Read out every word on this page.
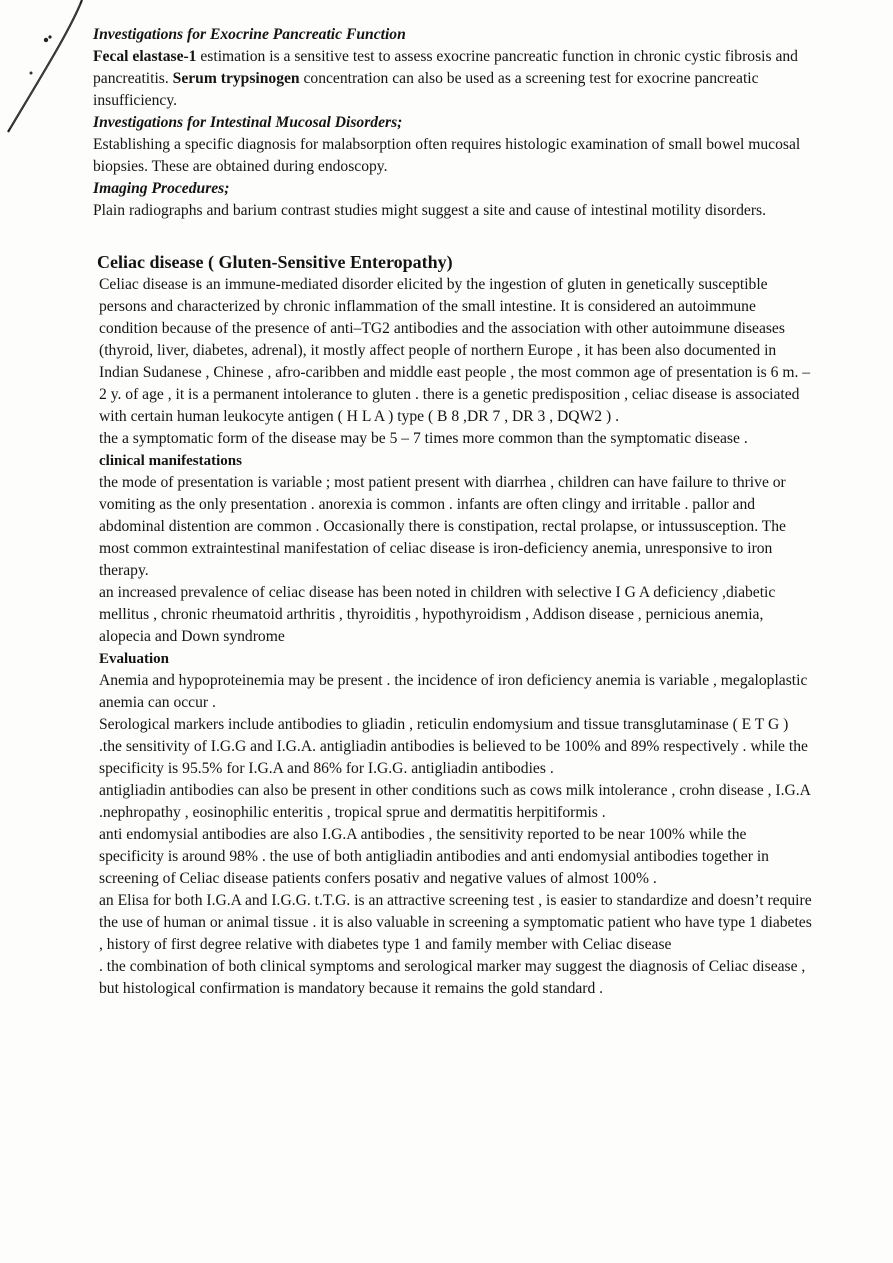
Investigations for Exocrine Pancreatic Function

Fecal elastase-1 estimation is a sensitive test to assess exocrine pancreatic function in chronic cystic fibrosis and pancreatitis. Serum trypsinogen concentration can also be used as a screening test for exocrine pancreatic insufficiency.

Investigations for Intestinal Mucosal Disorders;

Establishing a specific diagnosis for malabsorption often requires histologic examination of small bowel mucosal biopsies. These are obtained during endoscopy.

Imaging Procedures;

Plain radiographs and barium contrast studies might suggest a site and cause of intestinal motility disorders.

Celiac disease ( Gluten-Sensitive Enteropathy)

Celiac disease is an immune-mediated disorder elicited by the ingestion of gluten in genetically susceptible persons and characterized by chronic inflammation of the small intestine. It is considered an autoimmune condition because of the presence of anti–TG2 antibodies and the association with other autoimmune diseases (thyroid, liver, diabetes, adrenal), it mostly affect people of northern Europe , it has been also documented in Indian Sudanese , Chinese , afro-caribben and middle east people , the most common age of presentation is 6 m. – 2 y. of age , it is a permanent intolerance to gluten . there is a genetic predisposition , celiac disease is associated with certain human leukocyte antigen ( H L A ) type ( B 8 ,DR 7 , DR 3 , DQW2 ) .

the a symptomatic form of the disease may be 5 – 7 times more common than the symptomatic disease .

clinical manifestations

the mode of presentation is variable ; most patient present with diarrhea , children can have failure to thrive or vomiting as the only presentation . anorexia is common . infants are often clingy and irritable . pallor and abdominal distention are common . Occasionally there is constipation, rectal prolapse, or intussusception. The most common extraintestinal manifestation of celiac disease is iron-deficiency anemia, unresponsive to iron therapy.

an increased prevalence of celiac disease has been noted in children with selective I G A deficiency ,diabetic mellitus , chronic rheumatoid arthritis , thyroiditis , hypothyroidism , Addison disease , pernicious anemia, alopecia and Down syndrome

Evaluation

Anemia and hypoproteinemia may be present . the incidence of iron deficiency anemia is variable , megaloplastic anemia can occur .

Serological markers include antibodies to gliadin , reticulin endomysium and tissue transglutaminase ( E T G ) .the sensitivity of I.G.G and I.G.A. antigliadin antibodies is believed to be 100% and 89% respectively . while the specificity is 95.5% for I.G.A and 86% for I.G.G. antigliadin antibodies .

antigliadin antibodies can also be present in other conditions such as cows milk intolerance , crohn disease , I.G.A .nephropathy , eosinophilic enteritis , tropical sprue and dermatitis herpitiformis .

anti endomysial antibodies are also I.G.A antibodies , the sensitivity reported to be near 100% while the specificity is around 98% . the use of both antigliadin antibodies and anti endomysial antibodies together in screening of Celiac disease patients confers posativ and negative values of almost 100% .

an Elisa for both I.G.A and I.G.G. t.T.G. is an attractive screening test , is easier to standardize and doesn’t require the use of human or animal tissue . it is also valuable in screening a symptomatic patient who have type 1 diabetes , history of first degree relative with diabetes type 1 and family member with Celiac disease

. the combination of both clinical symptoms and serological marker may suggest the diagnosis of Celiac disease , but histological confirmation is mandatory because it remains the gold standard .
